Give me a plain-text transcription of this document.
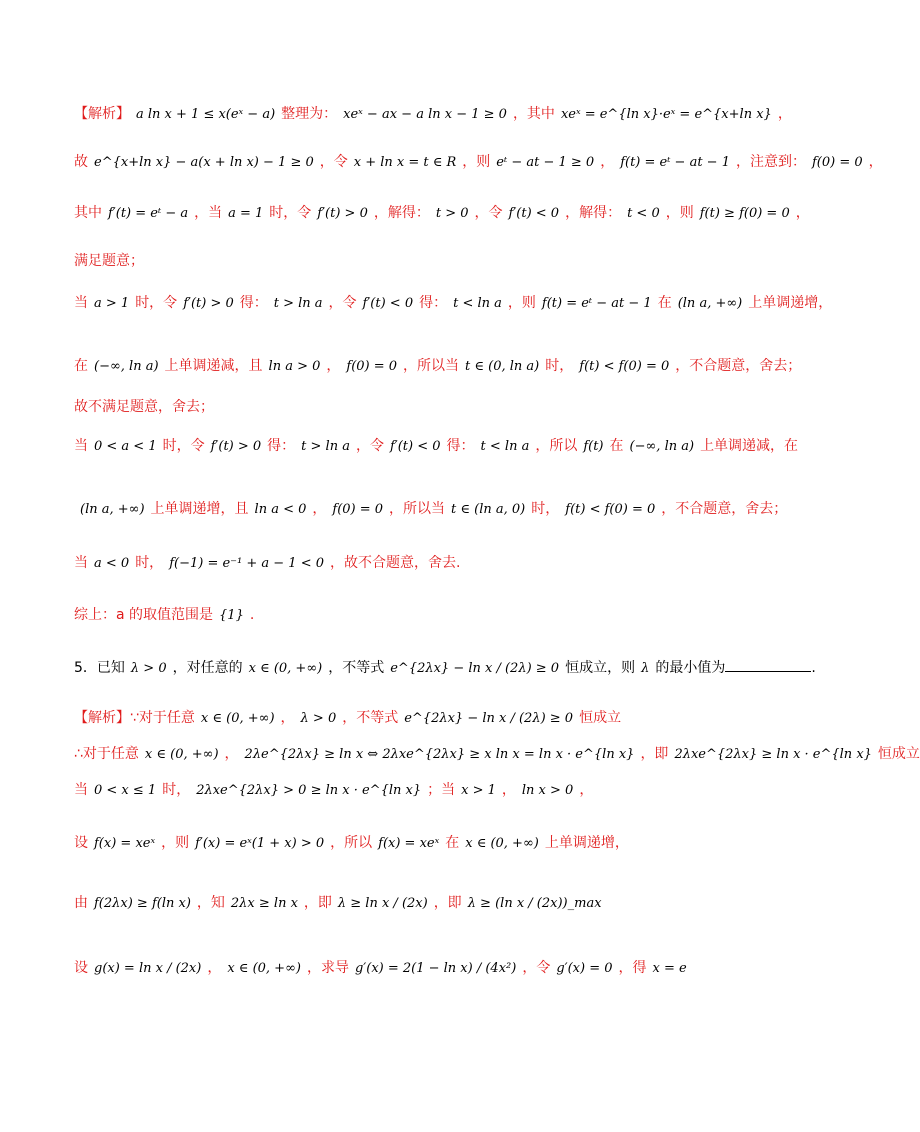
【解析】 a ln x + 1 ≤ x(eˣ − a) 整理为： xeˣ − ax − a ln x − 1 ≥ 0 ，其中 xeˣ = e^{ln x}·eˣ = e^{x+ln x} ，
故 e^{x+ln x} − a(x + ln x) − 1 ≥ 0 ，令 x + ln x = t ∈ R ，则 eᵗ − at − 1 ≥ 0 ， f(t) = eᵗ − at − 1 ，注意到： f(0) = 0 ，
其中 f′(t) = eᵗ − a ，当 a = 1 时，令 f′(t) > 0 ，解得： t > 0 ，令 f′(t) < 0 ，解得： t < 0 ，则 f(t) ≥ f(0) = 0 ，
满足题意；
当 a > 1 时，令 f′(t) > 0 得： t > ln a ，令 f′(t) < 0 得： t < ln a ，则 f(t) = eᵗ − at − 1 在 (ln a, +∞) 上单调递增，
在 (−∞, ln a) 上单调递减，且 ln a > 0 ， f(0) = 0 ，所以当 t ∈ (0, ln a) 时， f(t) < f(0) = 0 ，不合题意，舍去；
故不满足题意，舍去；
当 0 < a < 1 时，令 f′(t) > 0 得： t > ln a ，令 f′(t) < 0 得： t < ln a ，所以 f(t) 在 (−∞, ln a) 上单调递减，在
(ln a, +∞) 上单调递增，且 ln a < 0 ， f(0) = 0 ，所以当 t ∈ (ln a, 0) 时， f(t) < f(0) = 0 ，不合题意，舍去；
当 a < 0 时， f(−1) = e⁻¹ + a − 1 < 0 ，故不合题意，舍去.
综上：a 的取值范围是 {1} .
5．已知 λ > 0 ，对任意的 x ∈ (0, +∞) ，不等式 e^{2λx} − ln x / (2λ) ≥ 0 恒成立，则 λ 的最小值为	.
【解析】∵对于任意 x ∈ (0, +∞) ， λ > 0 ，不等式 e^{2λx} − ln x / (2λ) ≥ 0 恒成立
∴对于任意 x ∈ (0, +∞) ， 2λe^{2λx} ≥ ln x ⇔ 2λxe^{2λx} ≥ x ln x = ln x · e^{ln x} ，即 2λxe^{2λx} ≥ ln x · e^{ln x} 恒成立
当 0 < x ≤ 1 时， 2λxe^{2λx} > 0 ≥ ln x · e^{ln x} ；当 x > 1 ， ln x > 0 ，
设 f(x) = xeˣ ，则 f′(x) = eˣ(1 + x) > 0 ，所以 f(x) = xeˣ 在 x ∈ (0, +∞) 上单调递增，
由 f(2λx) ≥ f(ln x) ，知 2λx ≥ ln x ，即 λ ≥ ln x / (2x) ，即 λ ≥ (ln x / (2x))_max
设 g(x) = ln x / (2x) ， x ∈ (0, +∞) ，求导 g′(x) = 2(1 − ln x) / (4x²) ，令 g′(x) = 0 ，得 x = e
